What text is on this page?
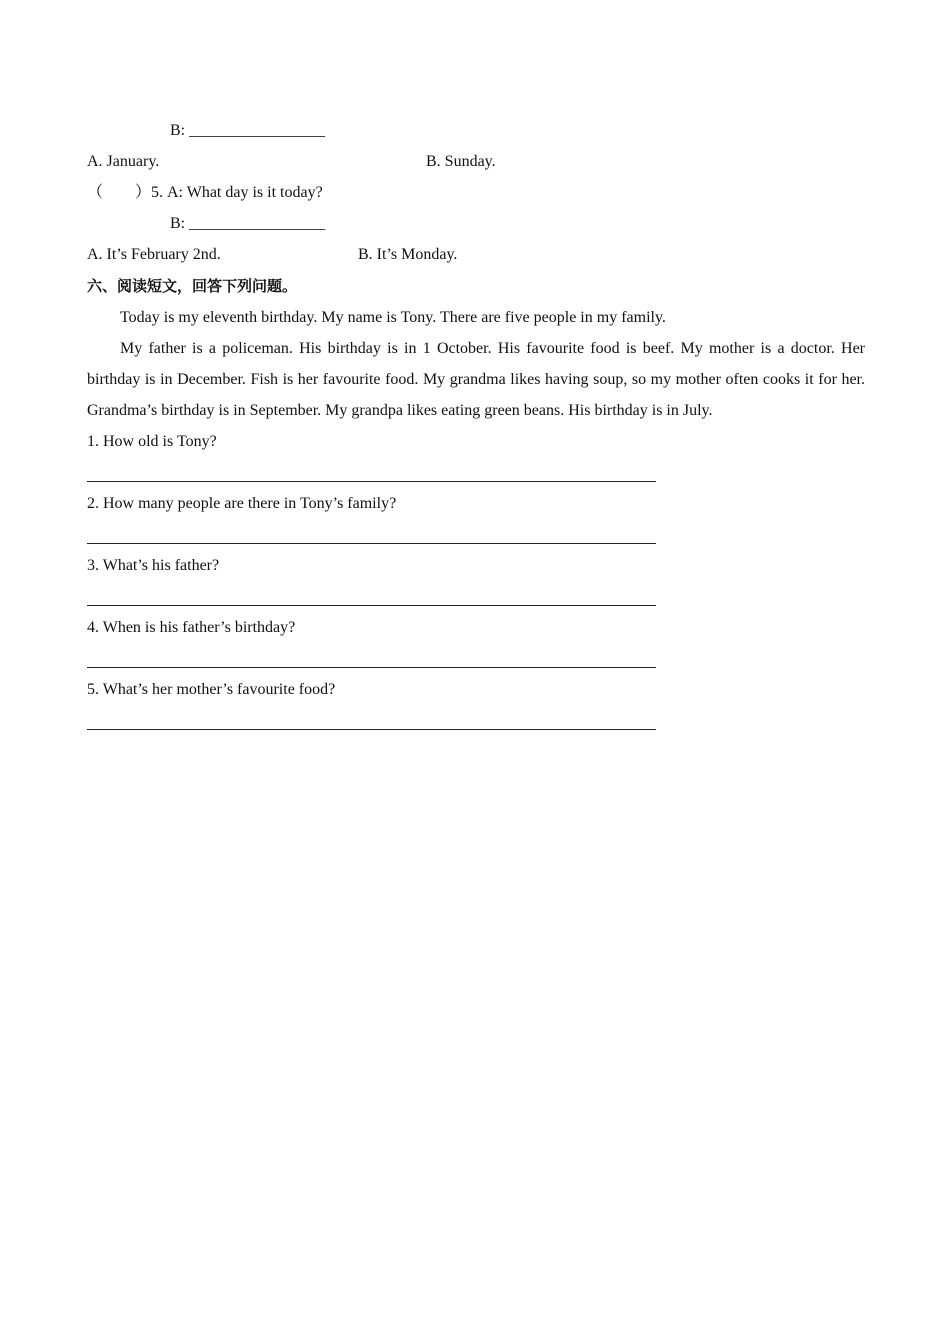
B: _________________
A. January.	B. Sunday.
（　　）5. A: What day is it today?
B: _________________
A. It’s February 2nd.	B. It’s Monday.
六、阅读短文，回答下列问题。
Today is my eleventh birthday. My name is Tony. There are five people in my family.
My father is a policeman. His birthday is in 1 October. His favourite food is beef. My mother is a doctor. Her birthday is in December. Fish is her favourite food. My grandma likes having soup, so my mother often cooks it for her. Grandma’s birthday is in September. My grandpa likes eating green beans. His birthday is in July.
1. How old is Tony?
2. How many people are there in Tony’s family?
3. What’s his father?
4. When is his father’s birthday?
5. What’s her mother’s favourite food?
